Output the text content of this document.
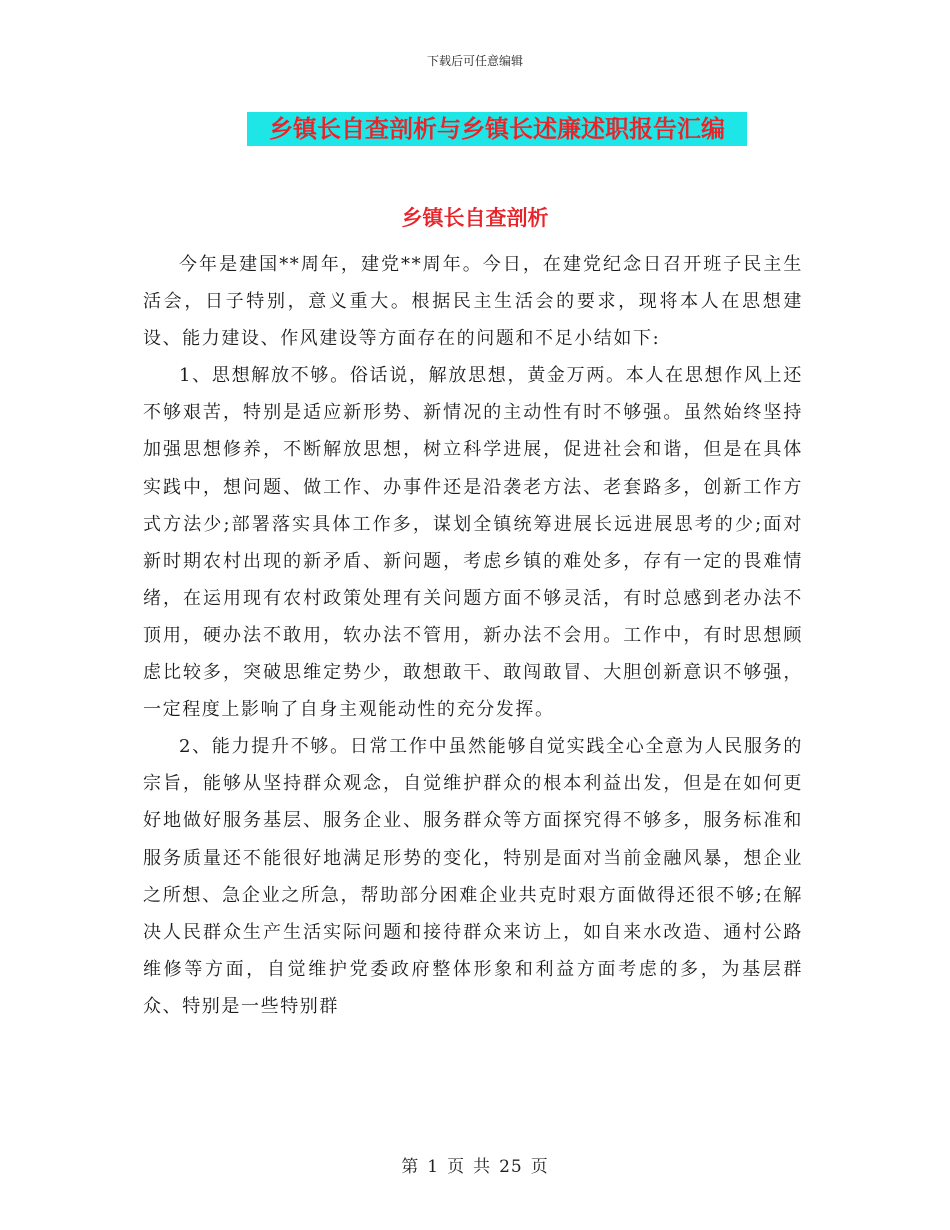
下载后可任意编辑
乡镇长自查剖析与乡镇长述廉述职报告汇编
乡镇长自查剖析

今年是建国**周年，建党**周年。今日，在建党纪念日召开班子民主生活会，日子特别，意义重大。根据民主生活会的要求，现将本人在思想建设、能力建设、作风建设等方面存在的问题和不足小结如下:

1、思想解放不够。俗话说，解放思想，黄金万两。本人在思想作风上还不够艰苦，特别是适应新形势、新情况的主动性有时不够强。虽然始终坚持加强思想修养，不断解放思想，树立科学进展，促进社会和谐，但是在具体实践中，想问题、做工作、办事件还是沿袭老方法、老套路多，创新工作方式方法少;部署落实具体工作多，谋划全镇统筹进展长远进展思考的少;面对新时期农村出现的新矛盾、新问题，考虑乡镇的难处多，存有一定的畏难情绪，在运用现有农村政策处理有关问题方面不够灵活，有时总感到老办法不顶用，硬办法不敢用，软办法不管用，新办法不会用。工作中，有时思想顾虑比较多，突破思维定势少，敢想敢干、敢闯敢冒、大胆创新意识不够强，一定程度上影响了自身主观能动性的充分发挥。

2、能力提升不够。日常工作中虽然能够自觉实践全心全意为人民服务的宗旨，能够从坚持群众观念，自觉维护群众的根本利益出发，但是在如何更好地做好服务基层、服务企业、服务群众等方面探究得不够多，服务标准和服务质量还不能很好地满足形势的变化，特别是面对当前金融风暴，想企业之所想、急企业之所急，帮助部分困难企业共克时艰方面做得还很不够;在解决人民群众生产生活实际问题和接待群众来访上，如自来水改造、通村公路维修等方面，自觉维护党委政府整体形象和利益方面考虑的多，为基层群众、特别是一些特别群

第 1 页 共 25 页
